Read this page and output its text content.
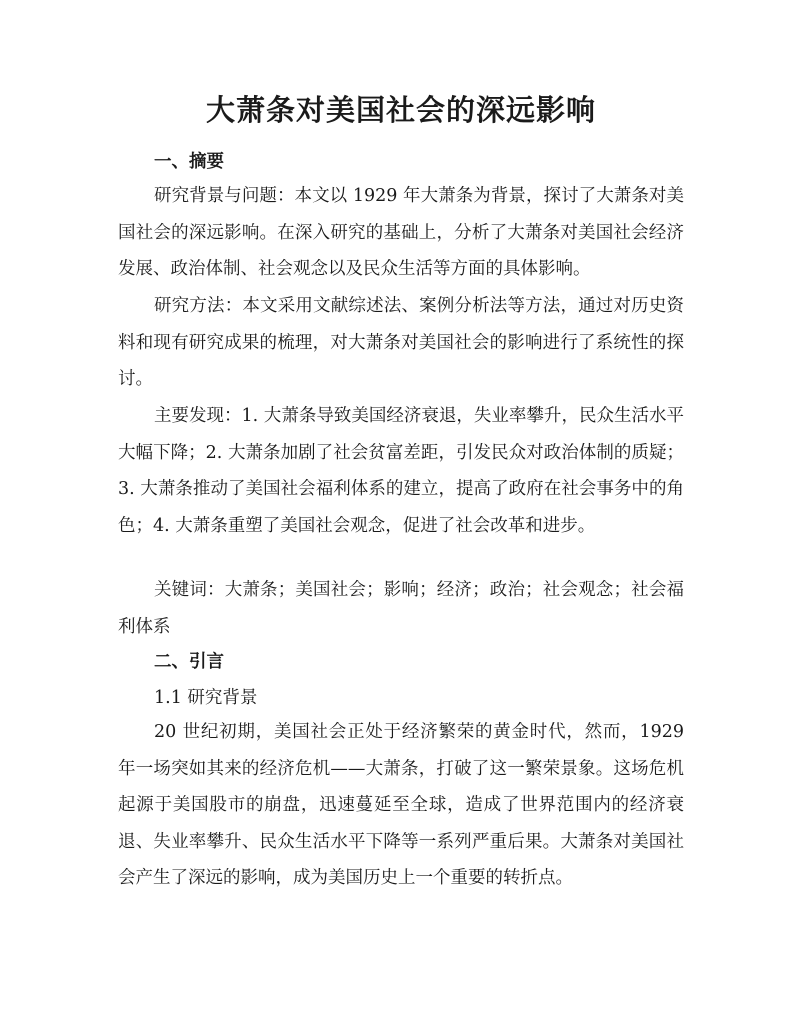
大萧条对美国社会的深远影响
一、摘要

研究背景与问题：本文以 1929 年大萧条为背景，探讨了大萧条对美国社会的深远影响。在深入研究的基础上，分析了大萧条对美国社会经济发展、政治体制、社会观念以及民众生活等方面的具体影响。

研究方法：本文采用文献综述法、案例分析法等方法，通过对历史资料和现有研究成果的梳理，对大萧条对美国社会的影响进行了系统性的探讨。

主要发现：1. 大萧条导致美国经济衰退，失业率攀升，民众生活水平大幅下降；2. 大萧条加剧了社会贫富差距，引发民众对政治体制的质疑；3. 大萧条推动了美国社会福利体系的建立，提高了政府在社会事务中的角色；4. 大萧条重塑了美国社会观念，促进了社会改革和进步。

关键词：大萧条；美国社会；影响；经济；政治；社会观念；社会福利体系

二、引言

1.1 研究背景

20 世纪初期，美国社会正处于经济繁荣的黄金时代，然而，1929 年一场突如其来的经济危机——大萧条，打破了这一繁荣景象。这场危机起源于美国股市的崩盘，迅速蔓延至全球，造成了世界范围内的经济衰退、失业率攀升、民众生活水平下降等一系列严重后果。大萧条对美国社会产生了深远的影响，成为美国历史上一个重要的转折点。
